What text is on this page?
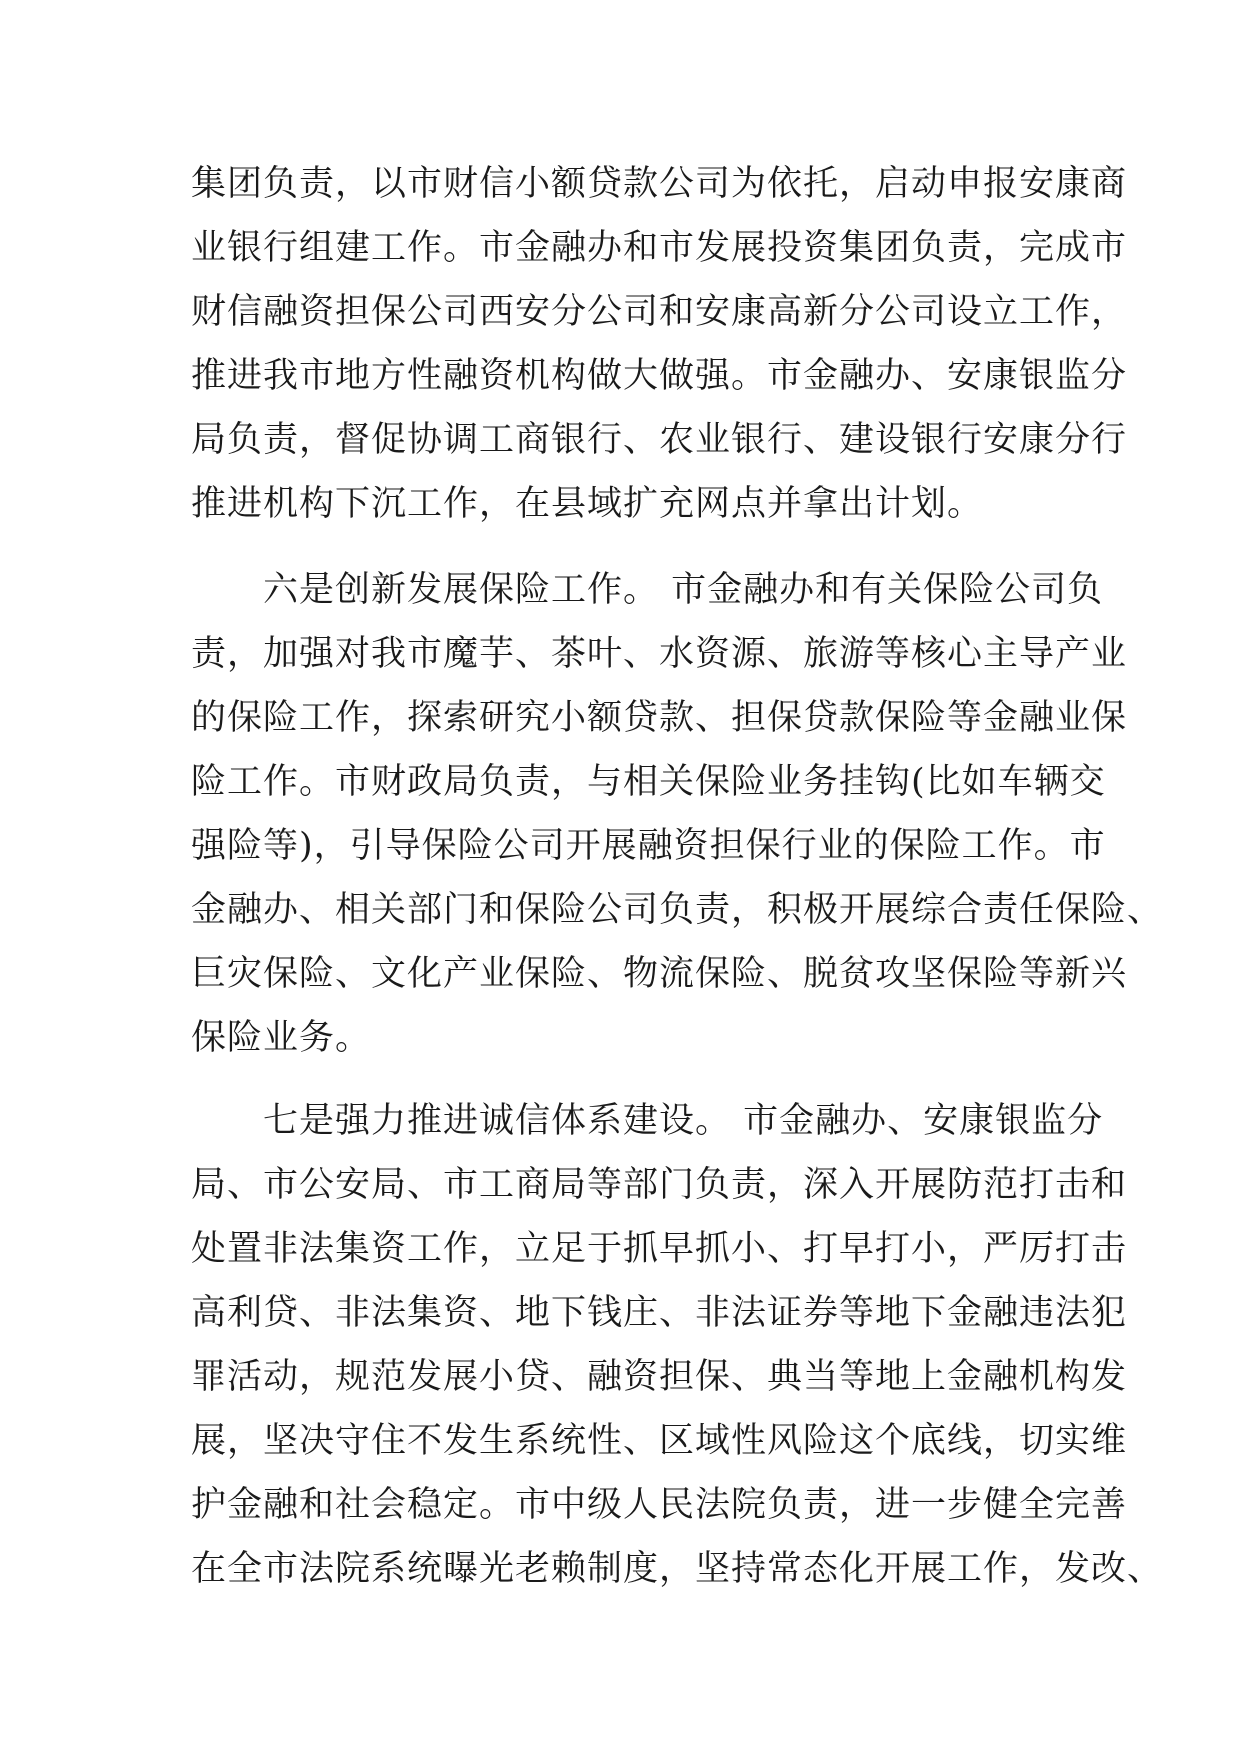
集团负责，以市财信小额贷款公司为依托，启动申报安康商
业银行组建工作。市金融办和市发展投资集团负责，完成市
财信融资担保公司西安分公司和安康高新分公司设立工作，
推进我市地方性融资机构做大做强。市金融办、安康银监分
局负责，督促协调工商银行、农业银行、建设银行安康分行
推进机构下沉工作，在县域扩充网点并拿出计划。
　　六是创新发展保险工作。 市金融办和有关保险公司负
责，加强对我市魔芋、茶叶、水资源、旅游等核心主导产业
的保险工作，探索研究小额贷款、担保贷款保险等金融业保
险工作。市财政局负责，与相关保险业务挂钩(比如车辆交
强险等)，引导保险公司开展融资担保行业的保险工作。市
金融办、相关部门和保险公司负责，积极开展综合责任保险、
巨灾保险、文化产业保险、物流保险、脱贫攻坚保险等新兴
保险业务。
　　七是强力推进诚信体系建设。 市金融办、安康银监分
局、市公安局、市工商局等部门负责，深入开展防范打击和
处置非法集资工作，立足于抓早抓小、打早打小，严厉打击
高利贷、非法集资、地下钱庄、非法证券等地下金融违法犯
罪活动，规范发展小贷、融资担保、典当等地上金融机构发
展，坚决守住不发生系统性、区域性风险这个底线，切实维
护金融和社会稳定。市中级人民法院负责，进一步健全完善
在全市法院系统曝光老赖制度，坚持常态化开展工作，发改、
